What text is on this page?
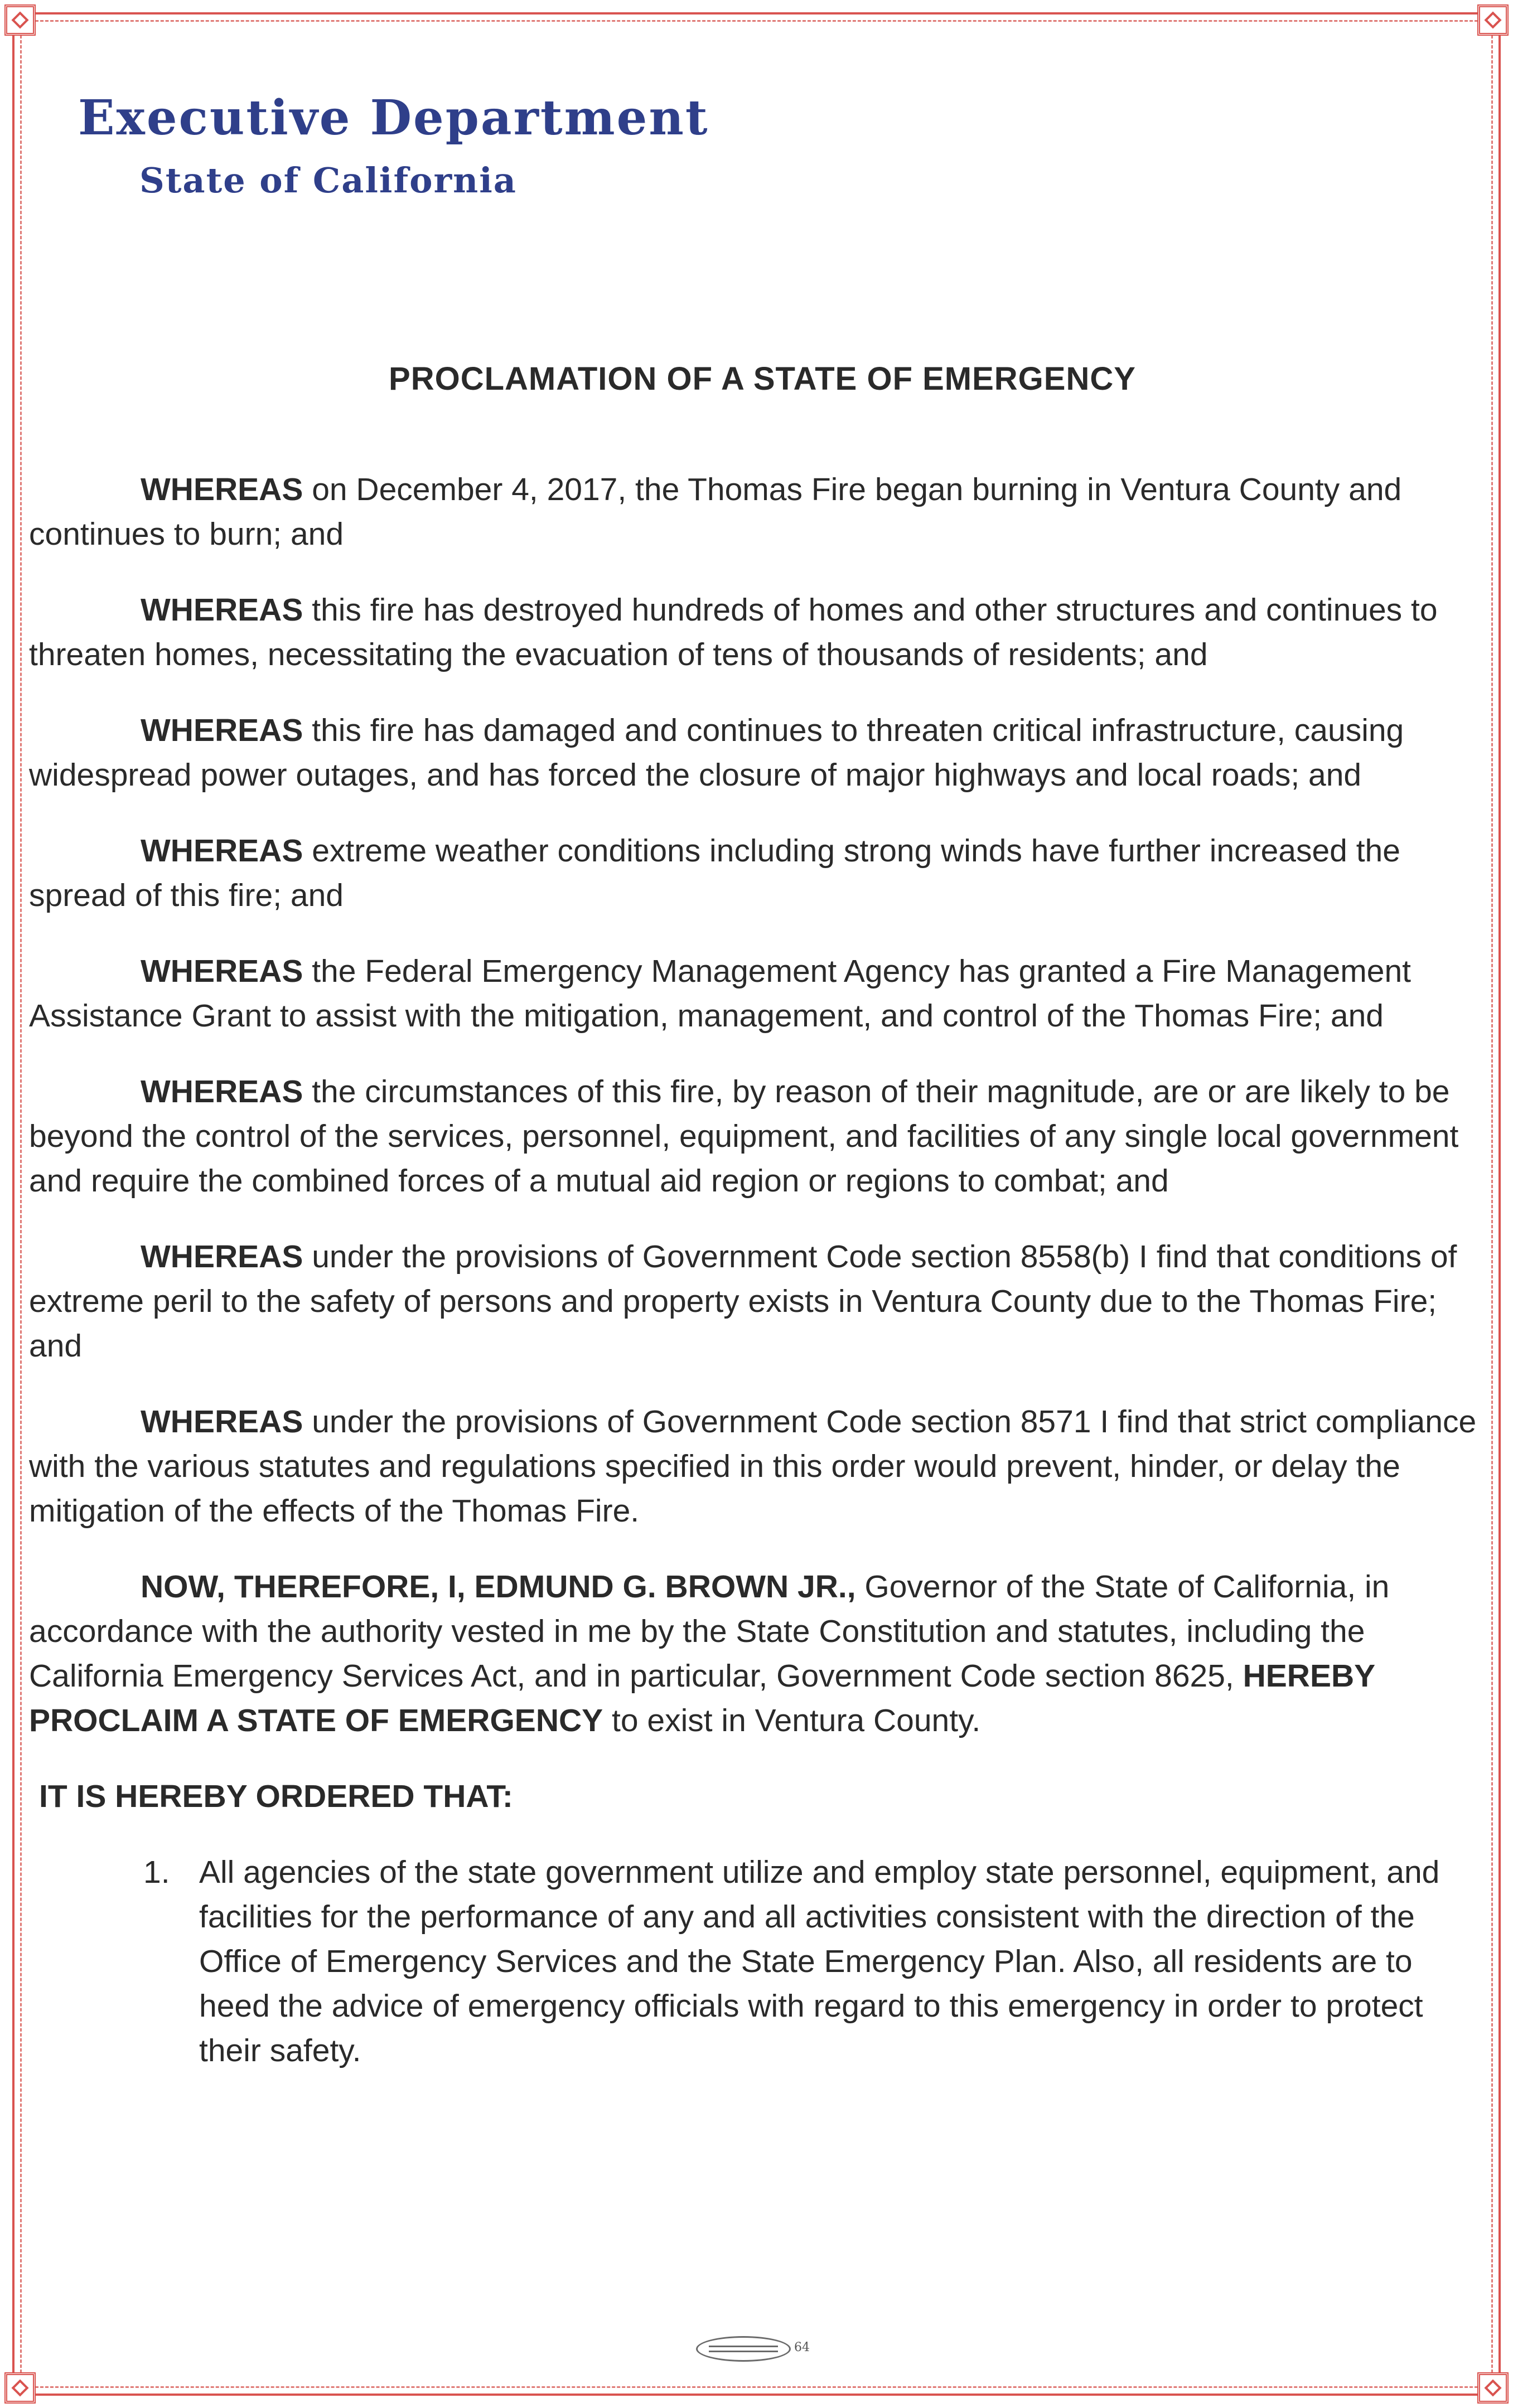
Executive Department

State of California

PROCLAMATION OF A STATE OF EMERGENCY

WHEREAS on December 4, 2017, the Thomas Fire began burning in Ventura County and continues to burn; and

WHEREAS this fire has destroyed hundreds of homes and other structures and continues to threaten homes, necessitating the evacuation of tens of thousands of residents; and

WHEREAS this fire has damaged and continues to threaten critical infrastructure, causing widespread power outages, and has forced the closure of major highways and local roads; and

WHEREAS extreme weather conditions including strong winds have further increased the spread of this fire; and

WHEREAS the Federal Emergency Management Agency has granted a Fire Management Assistance Grant to assist with the mitigation, management, and control of the Thomas Fire; and

WHEREAS the circumstances of this fire, by reason of their magnitude, are or are likely to be beyond the control of the services, personnel, equipment, and facilities of any single local government and require the combined forces of a mutual aid region or regions to combat; and

WHEREAS under the provisions of Government Code section 8558(b) I find that conditions of extreme peril to the safety of persons and property exists in Ventura County due to the Thomas Fire; and

WHEREAS under the provisions of Government Code section 8571 I find that strict compliance with the various statutes and regulations specified in this order would prevent, hinder, or delay the mitigation of the effects of the Thomas Fire.

NOW, THEREFORE, I, EDMUND G. BROWN JR., Governor of the State of California, in accordance with the authority vested in me by the State Constitution and statutes, including the California Emergency Services Act, and in particular, Government Code section 8625, HEREBY PROCLAIM A STATE OF EMERGENCY to exist in Ventura County.

IT IS HEREBY ORDERED THAT:

1. All agencies of the state government utilize and employ state personnel, equipment, and facilities for the performance of any and all activities consistent with the direction of the Office of Emergency Services and the State Emergency Plan. Also, all residents are to heed the advice of emergency officials with regard to this emergency in order to protect their safety.
64
